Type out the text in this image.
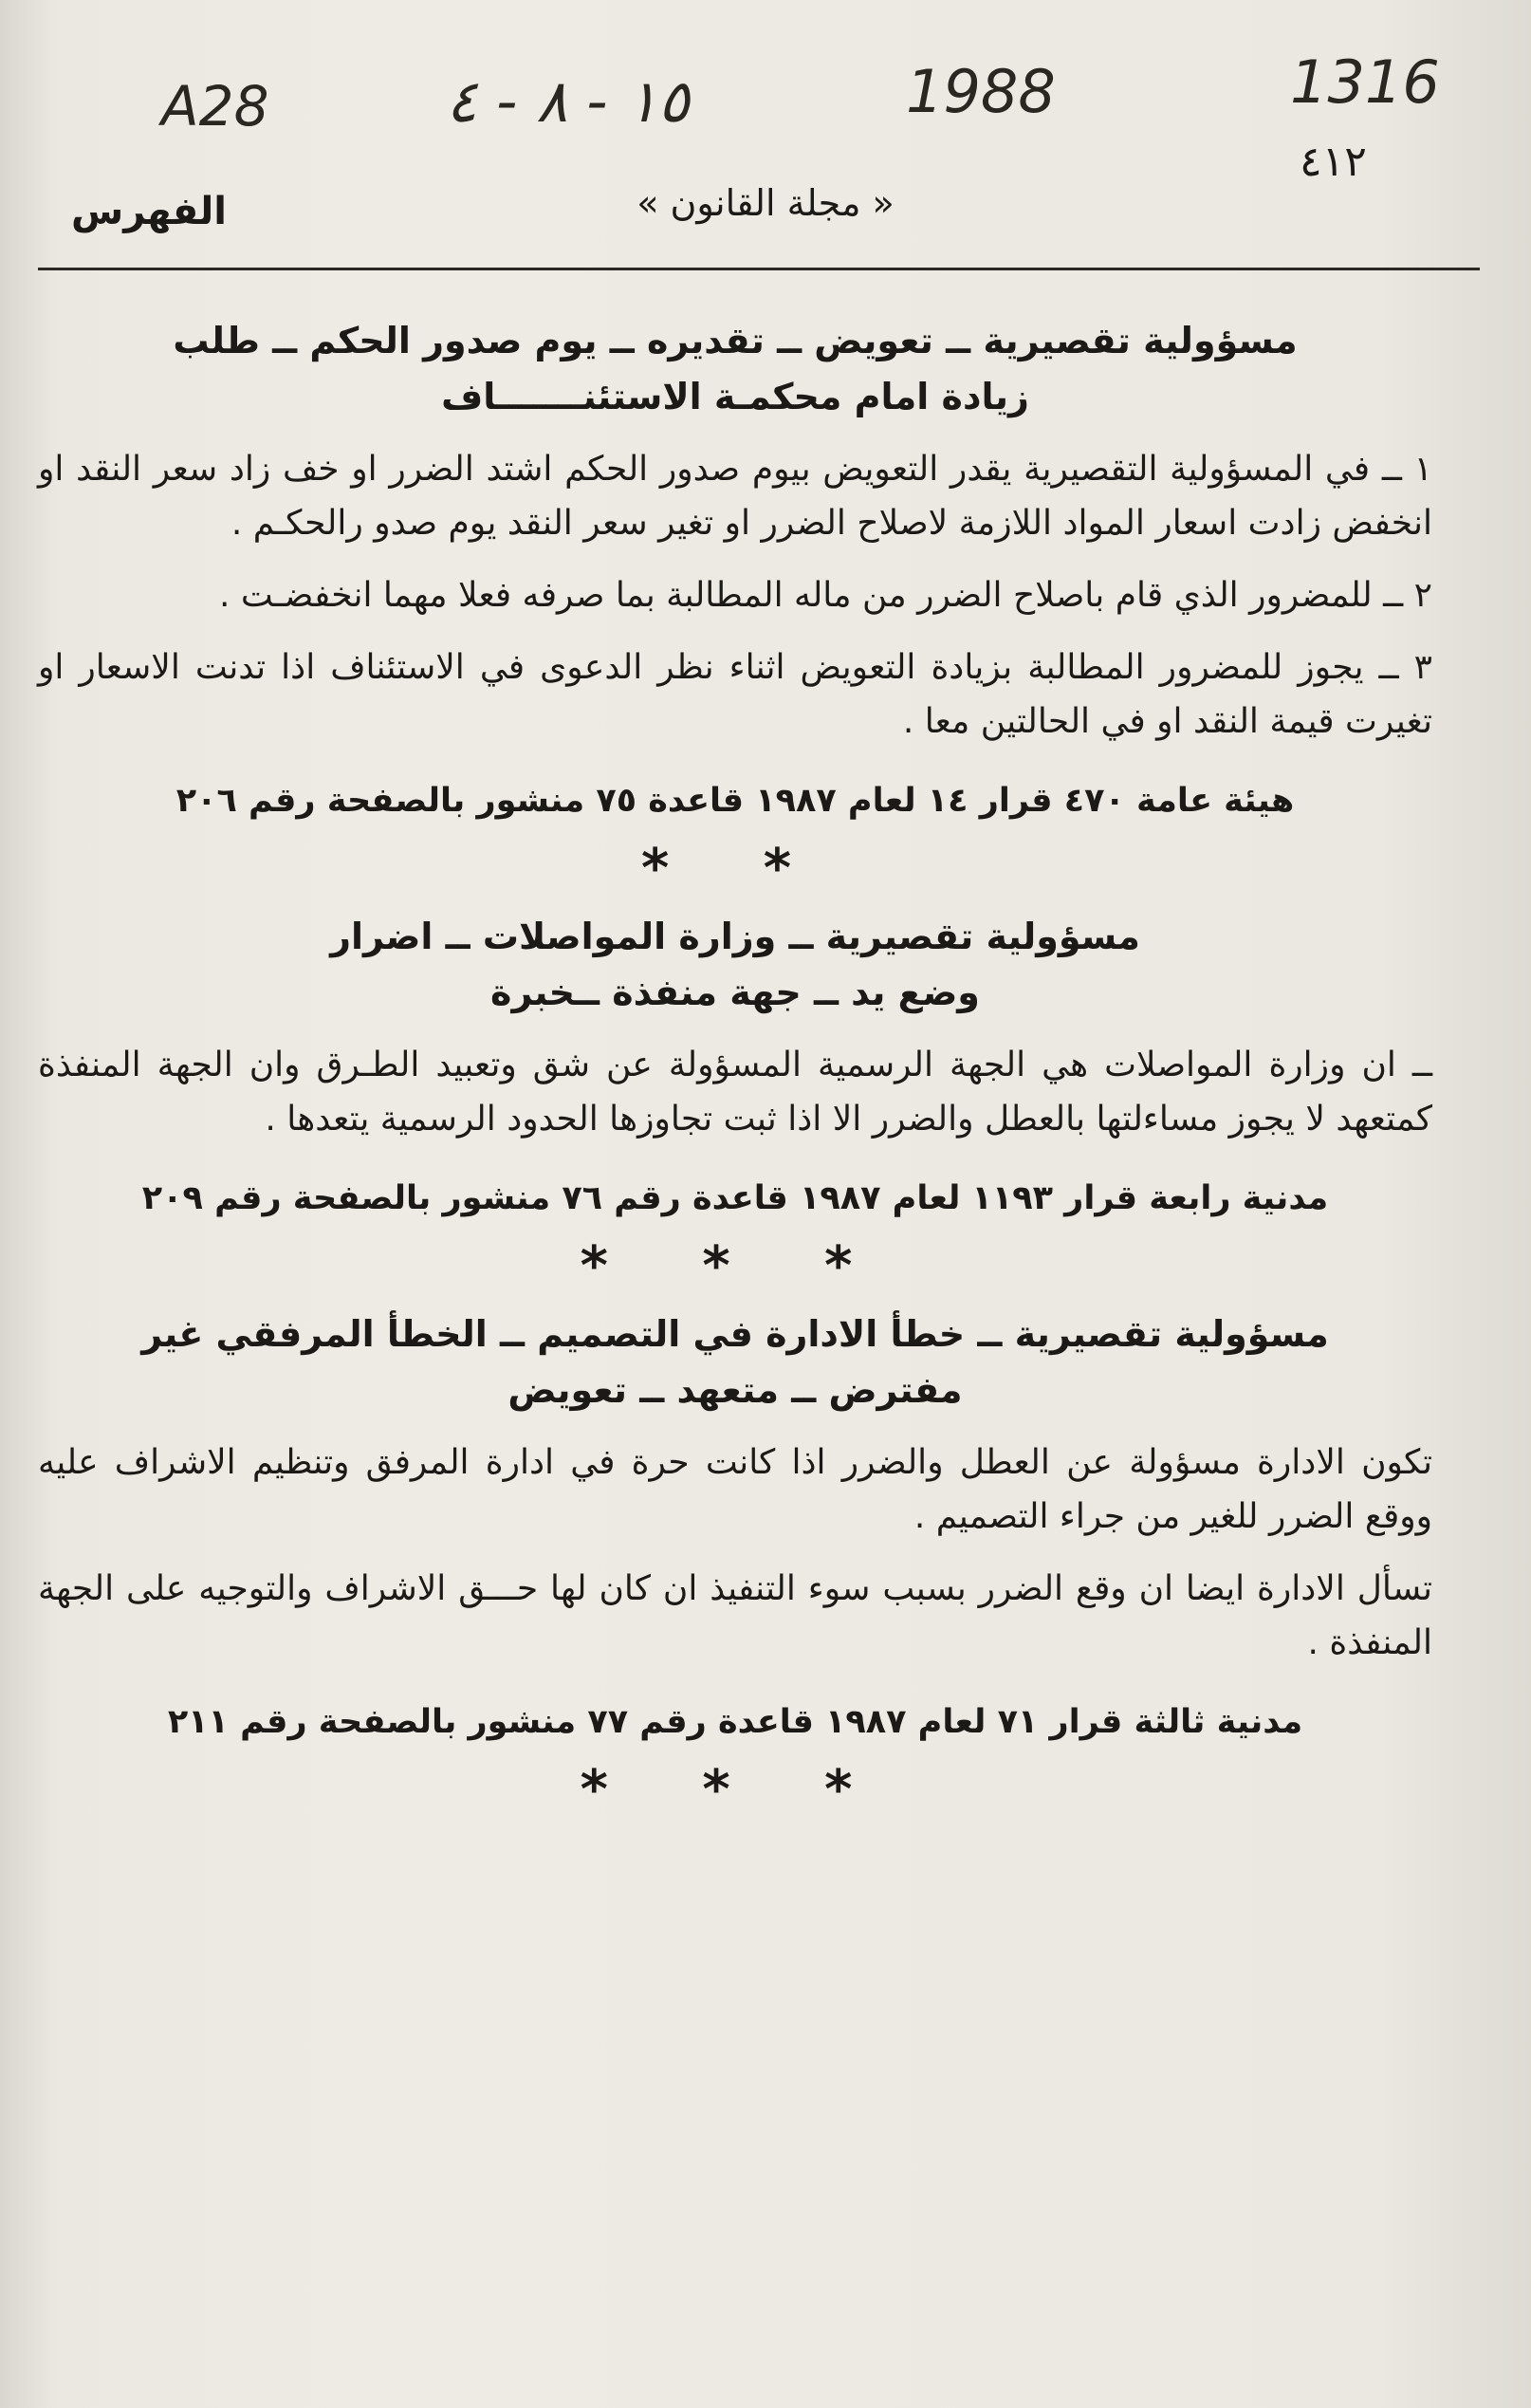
A28	١٥ - ٨ - ٤	1988	1316
٤١٢
« مجلة القانون »
الفهرس
مسؤولية تقصيرية ــ تعويض ــ تقديره ــ يوم صدور الحكم ــ طلب
زيادة امام محكمـة الاستئنـــــــاف

١ ــ في المسؤولية التقصيرية يقدر التعويض بيوم صدور الحكم اشتد الضرر او خف زاد سعر النقد او انخفض زادت اسعار المواد اللازمة لاصلاح الضرر او تغير سعر النقد يوم صدو رالحكـم .

٢ ــ للمضرور الذي قام باصلاح الضرر من ماله المطالبة بما صرفه فعلا مهما انخفضـت .

٣ ــ يجوز للمضرور المطالبة بزيادة التعويض اثناء نظر الدعوى في الاستئناف اذا تدنت الاسعار او تغيرت قيمة النقد او في الحالتين معا .

هيئة عامة ٤٧٠ قرار ١٤ لعام ١٩٨٧ قاعدة ٧٥ منشور بالصفحة رقم ٢٠٦

* *
مسؤولية تقصيرية ــ وزارة المواصلات ــ اضرار
وضع يد ــ جهة منفذة ــخبرة

ــ ان وزارة المواصلات هي الجهة الرسمية المسؤولة عن شق وتعبيد الطـرق وان الجهة المنفذة كمتعهد لا يجوز مساءلتها بالعطل والضرر الا اذا ثبت تجاوزها الحدود الرسمية يتعدها .

مدنية رابعة قرار ١١٩٣ لعام ١٩٨٧ قاعدة رقم ٧٦ منشور بالصفحة رقم ٢٠٩

* * *
مسؤولية تقصيرية ــ خطأ الادارة في التصميم ــ الخطأ المرفقي غير
مفترض ــ متعهد ــ تعويض

تكون الادارة مسؤولة عن العطل والضرر اذا كانت حرة في ادارة المرفق وتنظيم الاشراف عليه ووقع الضرر للغير من جراء التصميم .

تسأل الادارة ايضا ان وقع الضرر بسبب سوء التنفيذ ان كان لها حـــق الاشراف والتوجيه على الجهة المنفذة .

مدنية ثالثة قرار ٧١ لعام ١٩٨٧ قاعدة رقم ٧٧ منشور بالصفحة رقم ٢١١

* * *
